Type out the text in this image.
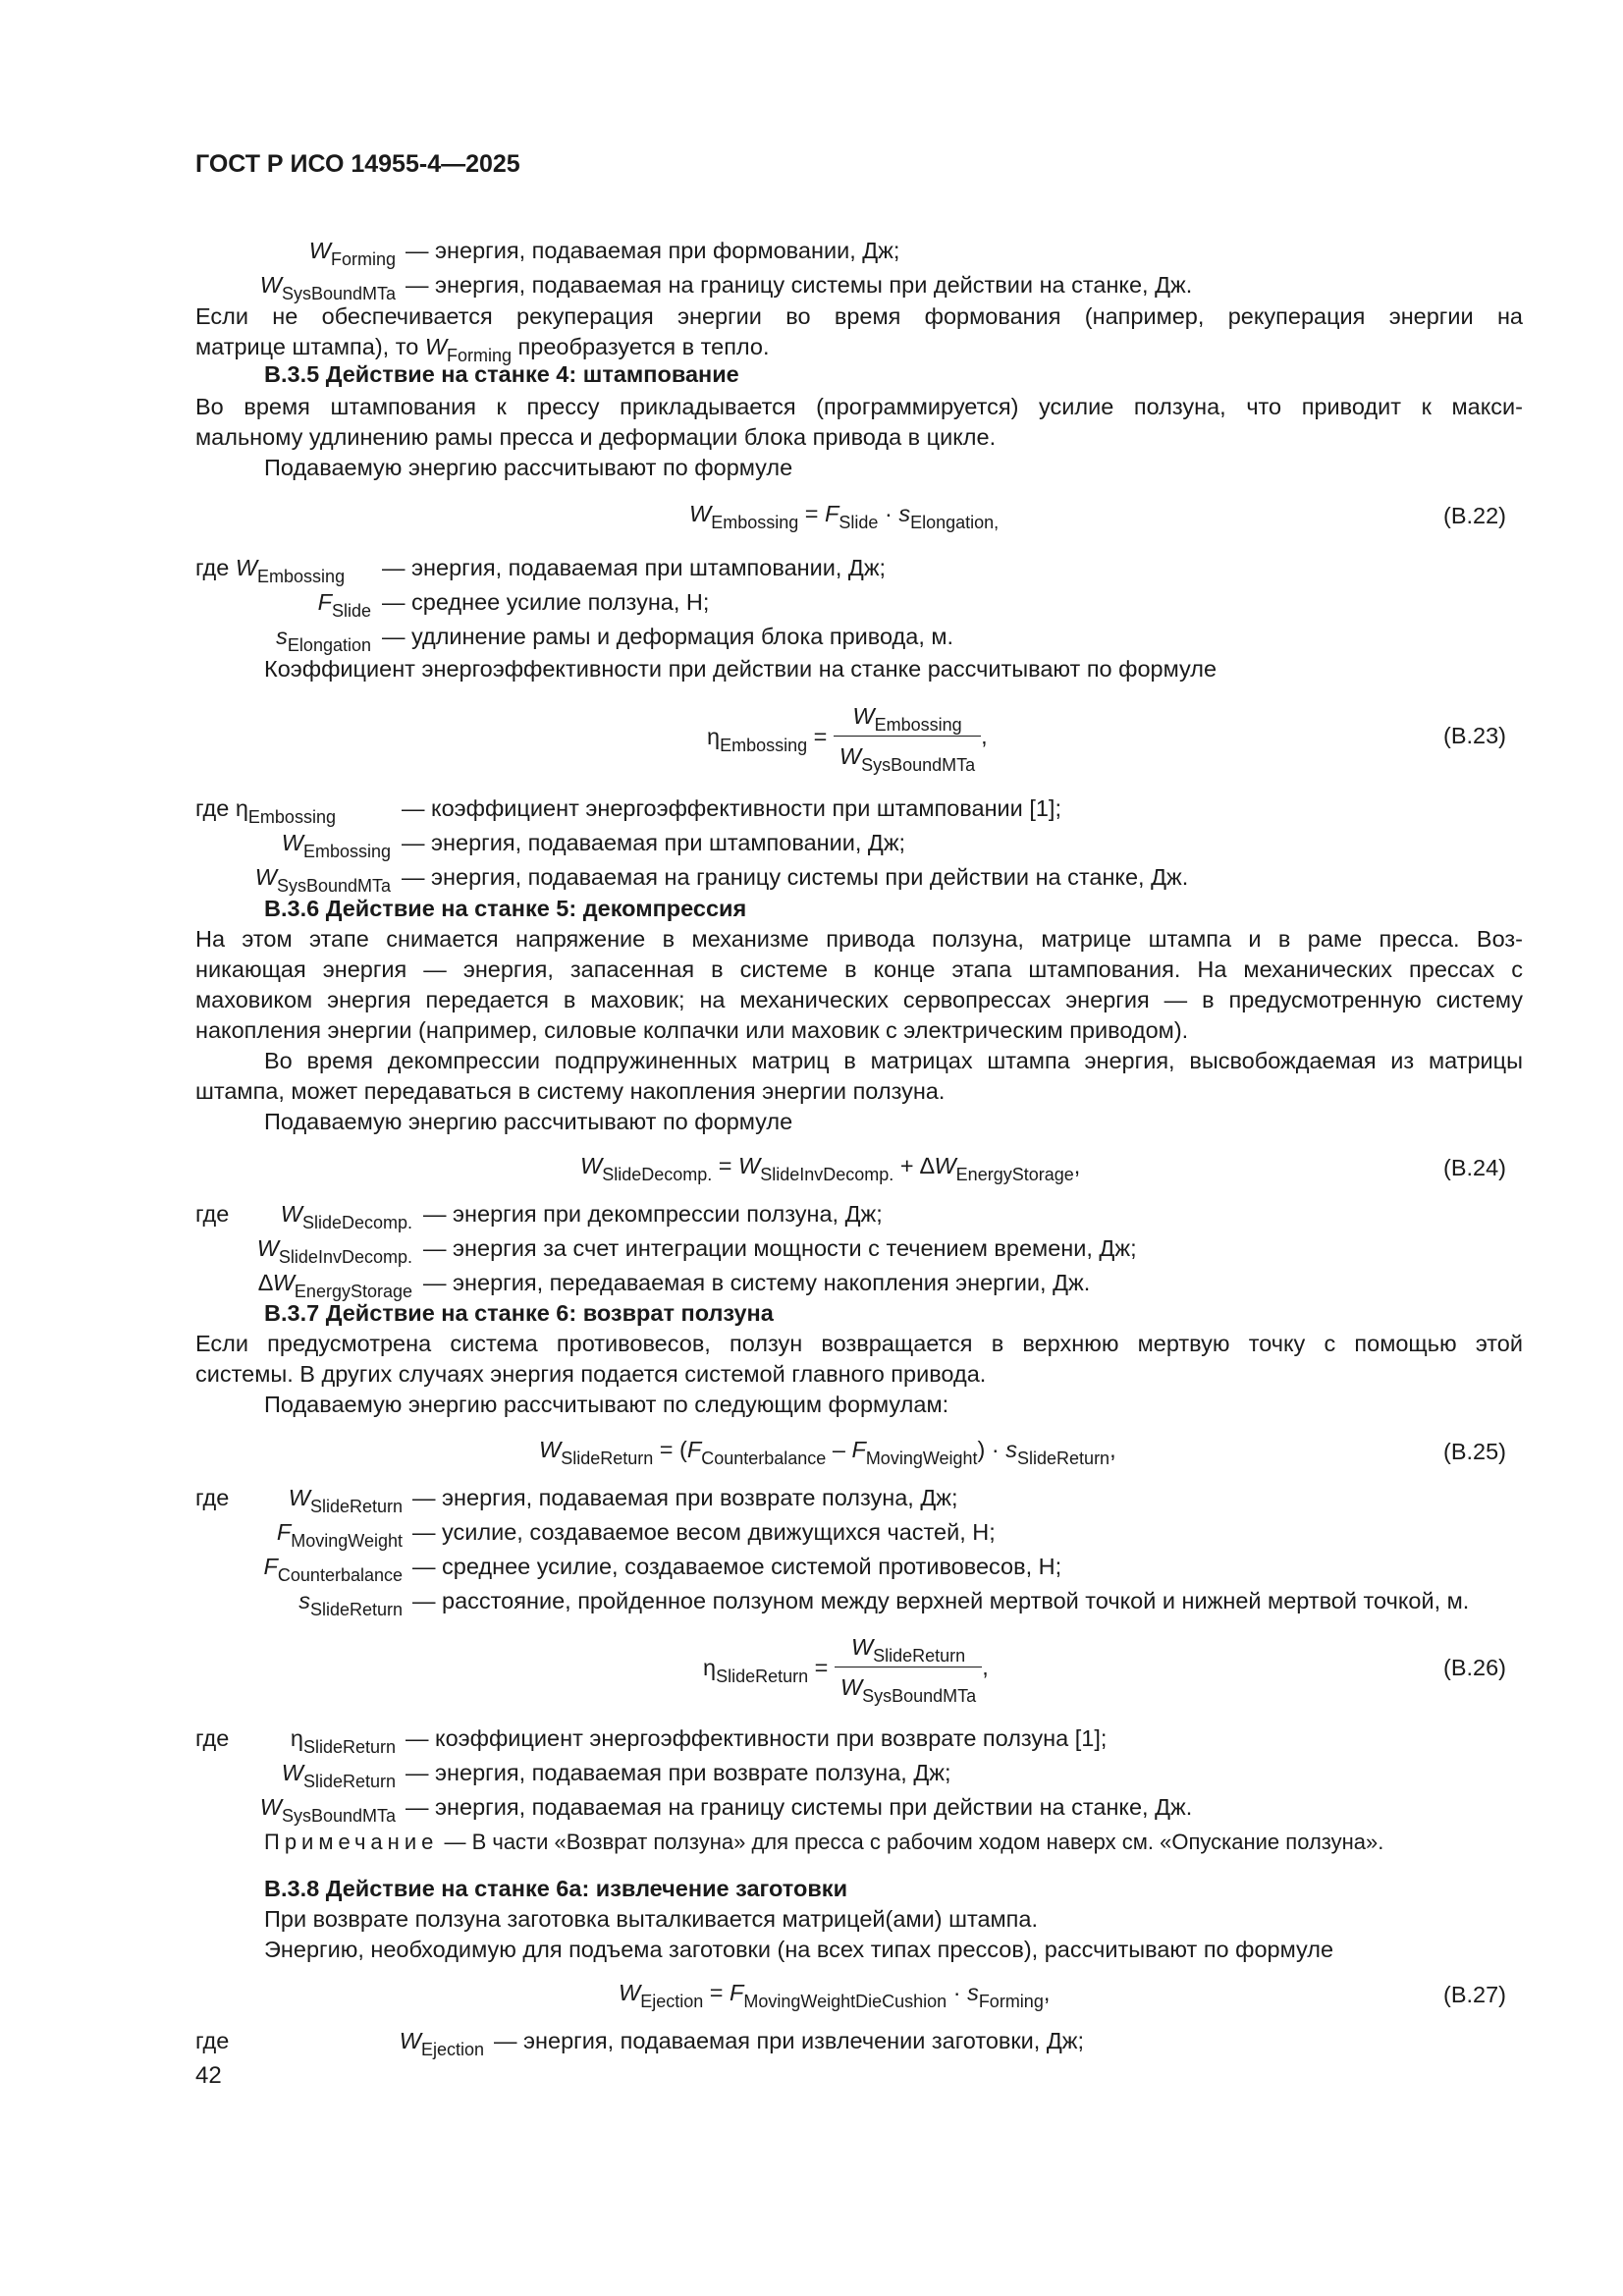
ГОСТ Р ИСО 14955-4—2025
$W_{Forming}$ — энергия, подаваемая при формовании, Дж;
$W_{SysBoundMTa}$ — энергия, подаваемая на границу системы при действии на станке, Дж.
Если не обеспечивается рекуперация энергии во время формования (например, рекуперация энергии на
матрице штампа), то $W_{Forming}$ преобразуется в тепло.
B.3.5 Действие на станке 4: штампование
Во время штампования к прессу прикладывается (программируется) усилие ползуна, что приводит к макси-
мальному удлинению рамы пресса и деформации блока привода в цикле.
Подаваемую энергию рассчитывают по формуле
$W_{Embossing} = F_{Slide} \cdot s_{Elongation,}$	(B.22)
где $W_{Embossing}$ — энергия, подаваемая при штамповании, Дж;
$F_{Slide}$ — среднее усилие ползуна, Н;
$s_{Elongation}$ — удлинение рамы и деформация блока привода, м.
Коэффициент энергоэффективности при действии на станке рассчитывают по формуле
$\eta_{Embossing} = \frac{W_{Embossing}}{W_{SysBoundMTa}}$ ,	(B.23)
где $\eta_{Embossing}$	— коэффициент энергоэффективности при штамповании [1];
$W_{Embossing}$ — энергия, подаваемая при штамповании, Дж;
$W_{SysBoundMTa}$ — энергия, подаваемая на границу системы при действии на станке, Дж.
B.3.6 Действие на станке 5: декомпрессия
На этом этапе снимается напряжение в механизме привода ползуна, матрице штампа и в раме пресса. Воз-
никающая энергия — энергия, запасенная в системе в конце этапа штампования. На механических прессах с
маховиком энергия передается в маховик; на механических сервопрессах энергия — в предусмотренную систему
накопления энергии (например, силовые колпачки или маховик с электрическим приводом).
Во время декомпрессии подпружиненных матриц в матрицах штампа энергия, высвобождаемая из матрицы
штампа, может передаваться в систему накопления энергии ползуна.
Подаваемую энергию рассчитывают по формуле
$W_{SlideDecomp.} = W_{SlideInvDecomp.} + \Delta W_{EnergyStorage}$,	(B.24)
где $W_{SlideDecomp.}$ — энергия при декомпрессии ползуна, Дж;
$W_{SlideInvDecomp.}$ — энергия за счет интеграции мощности с течением времени, Дж;
$\Delta W_{EnergyStorage}$ — энергия, передаваемая в систему накопления энергии, Дж.
B.3.7 Действие на станке 6: возврат ползуна
Если предусмотрена система противовесов, ползун возвращается в верхнюю мертвую точку с помощью этой
системы. В других случаях энергия подается системой главного привода.
Подаваемую энергию рассчитывают по следующим формулам:
$W_{SlideReturn} = (F_{Counterbalance} - F_{MovingWeight}) \cdot s_{SlideReturn}$,	(B.25)
где	$W_{SlideReturn}$ — энергия, подаваемая при возврате ползуна, Дж;
$F_{MovingWeight}$ — усилие, создаваемое весом движущихся частей, Н;
$F_{Counterbalance}$ — среднее усилие, создаваемое системой противовесов, Н;
$s_{SlideReturn}$ — расстояние, пройденное ползуном между верхней мертвой точкой и нижней мертвой точкой, м.
$\eta_{SlideReturn} = \frac{W_{SlideReturn}}{W_{SysBoundMTa}}$ ,	(B.26)
где	$\eta_{SlideReturn}$ — коэффициент энергоэффективности при возврате ползуна [1];
$W_{SlideReturn}$ — энергия, подаваемая при возврате ползуна, Дж;
$W_{SysBoundMTa}$ — энергия, подаваемая на границу системы при действии на станке, Дж.
Примечание — В части «Возврат ползуна» для пресса с рабочим ходом наверх см. «Опускание ползуна».
B.3.8 Действие на станке 6а: извлечение заготовки
При возврате ползуна заготовка выталкивается матрицей(ами) штампа.
Энергию, необходимую для подъема заготовки (на всех типах прессов), рассчитывают по формуле
$W_{Ejection} = F_{MovingWeightDieCushion} \cdot s_{Forming}$,	(B.27)
где	$W_{Ejection}$ — энергия, подаваемая при извлечении заготовки, Дж;
42
